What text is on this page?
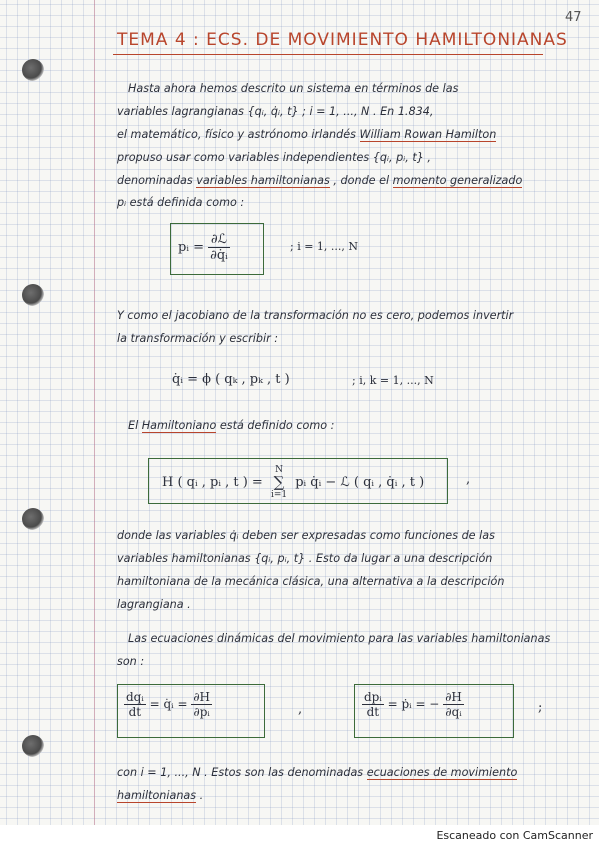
47
TEMA 4 : ECS. DE MOVIMIENTO HAMILTONIANAS
Hasta ahora hemos descrito un sistema en términos de las
variables lagrangianas {qᵢ, q̇ᵢ, t} ; i = 1, ..., N . En 1.834,
el matemático, físico y astrónomo irlandés William Rowan Hamilton
propuso usar como variables independientes {qᵢ, pᵢ, t} ,
denominadas variables hamiltonianas , donde el momento generalizado
pᵢ está definida como :
pᵢ = $\frac{\text{∂ℒ}}{\text{∂q̇ᵢ}}$	; i = 1, ..., N
Y como el jacobiano de la transformación no es cero, podemos invertir
la transformación y escribir :
q̇ᵢ = ϕ ( qₖ , pₖ , t )	; i, k = 1, ..., N
El Hamiltoniano está definido como :
H ( qᵢ , pᵢ , t ) =
N
∑
i=1
pᵢ q̇ᵢ − ℒ ( qᵢ , q̇ᵢ , t )	,
donde las variables q̇ᵢ deben ser expresadas como funciones de las
variables hamiltonianas {qᵢ, pᵢ, t} . Esto da lugar a una descripción
hamiltoniana de la mecánica clásica, una alternativa a la descripción
lagrangiana .
Las ecuaciones dinámicas del movimiento para las variables hamiltonianas
son :
$\frac{\text{dqᵢ}}{dt}$ = q̇ᵢ = $\frac{\partial H}{\text{∂pᵢ}}$	,	$\frac{\text{dpᵢ}}{dt}$ = ṗᵢ = − $\frac{\partial H}{\text{∂qᵢ}}$	;
con i = 1, ..., N . Estos son las denominadas ecuaciones de movimiento
hamiltonianas .
Escaneado con CamScanner
